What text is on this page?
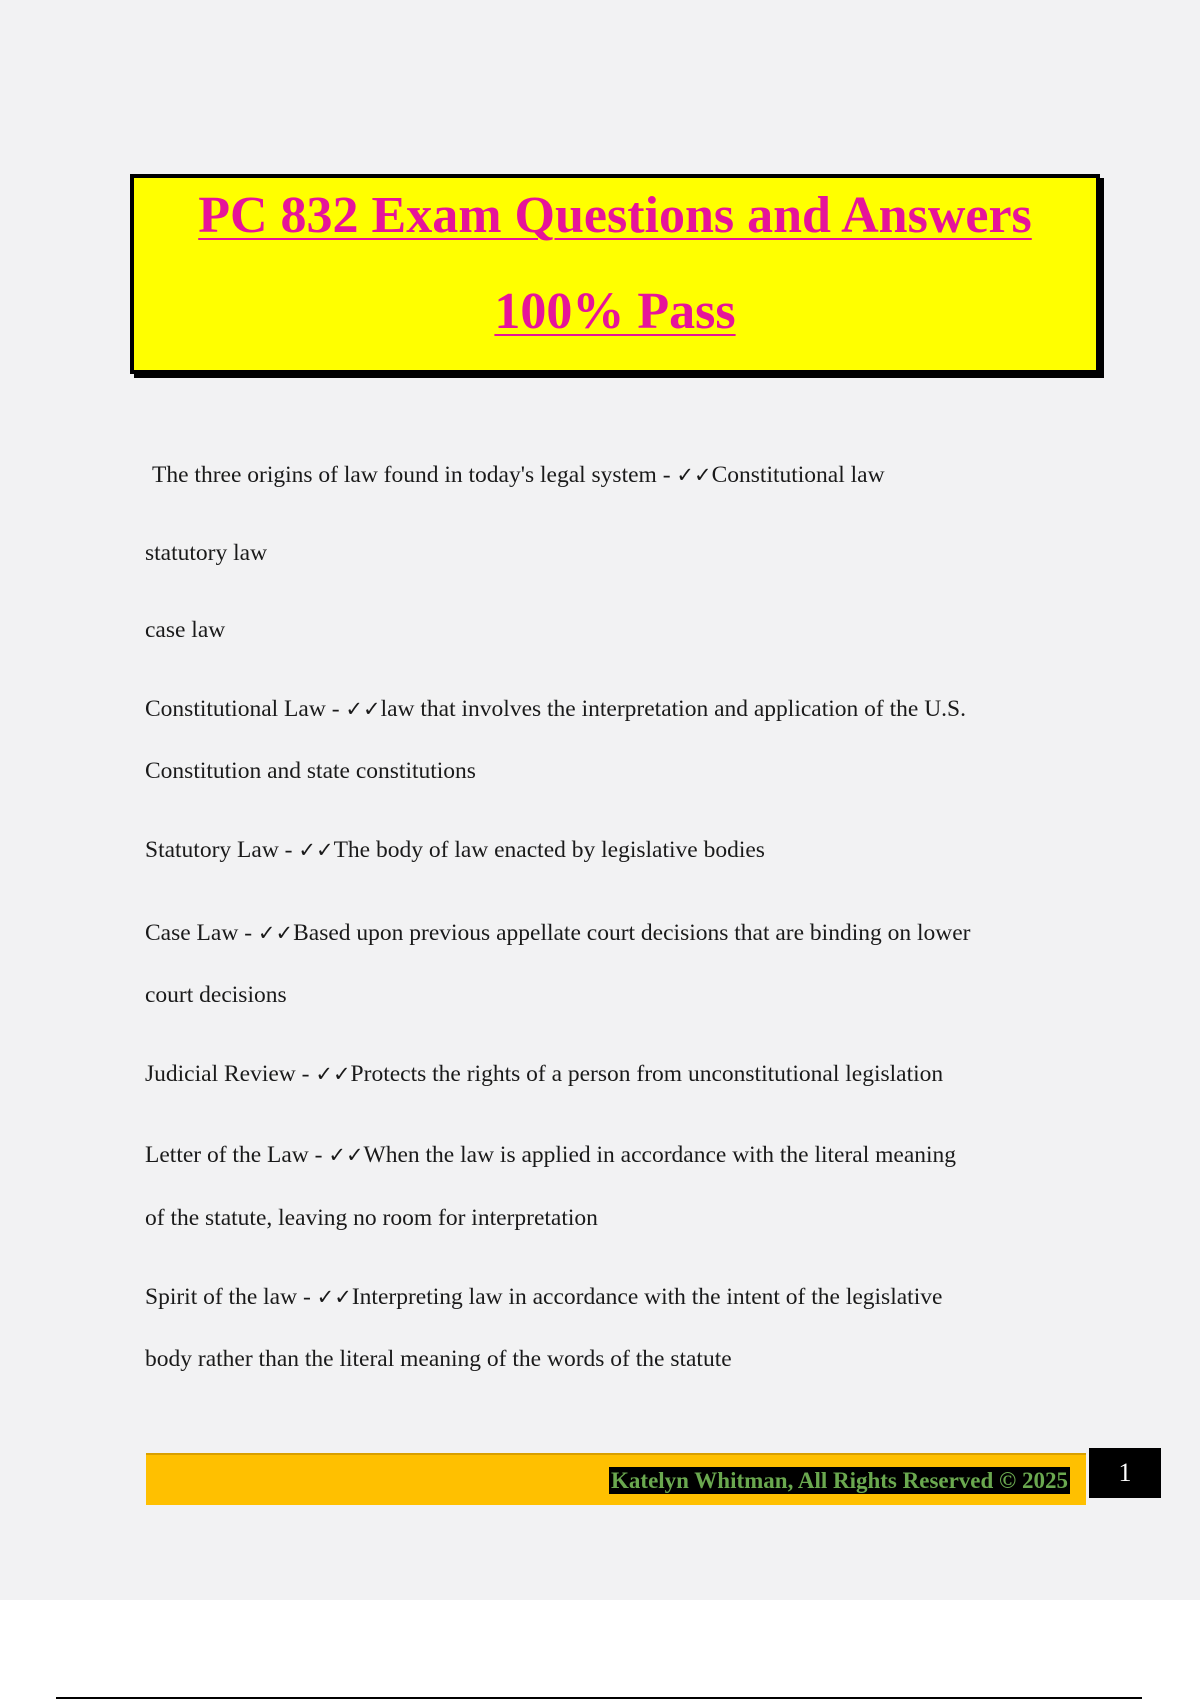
PC 832 Exam Questions and Answers
100% Pass

The three origins of law found in today's legal system - ✓✓Constitutional law

statutory law

case law

Constitutional Law - ✓✓law that involves the interpretation and application of the U.S.

Constitution and state constitutions

Statutory Law - ✓✓The body of law enacted by legislative bodies

Case Law - ✓✓Based upon previous appellate court decisions that are binding on lower

court decisions

Judicial Review - ✓✓Protects the rights of a person from unconstitutional legislation

Letter of the Law - ✓✓When the law is applied in accordance with the literal meaning

of the statute, leaving no room for interpretation

Spirit of the law - ✓✓Interpreting law in accordance with the intent of the legislative

body rather than the literal meaning of the words of the statute

Katelyn Whitman, All Rights Reserved © 2025	1
